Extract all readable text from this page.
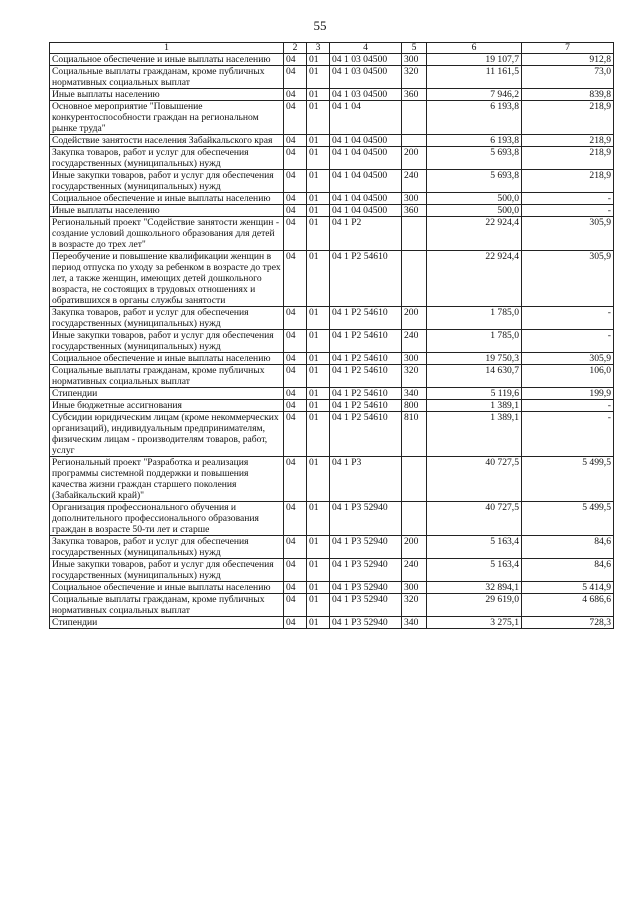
55
1	2	3	4	5	6	7
Социальное обеспечение и иные выплаты населению	04	01	04 1 03 04500	300	19 107,7	912,8
Социальные выплаты гражданам, кроме публичных нормативных социальных выплат	04	01	04 1 03 04500	320	11 161,5	73,0
Иные выплаты населению	04	01	04 1 03 04500	360	7 946,2	839,8
Основное мероприятие "Повышение конкурентоспособности граждан на региональном рынке труда"	04	01	04 1 04		6 193,8	218,9
Содействие занятости населения Забайкальского края	04	01	04 1 04 04500		6 193,8	218,9
Закупка товаров, работ и услуг для обеспечения государственных (муниципальных) нужд	04	01	04 1 04 04500	200	5 693,8	218,9
Иные закупки товаров, работ и услуг для обеспечения государственных (муниципальных) нужд	04	01	04 1 04 04500	240	5 693,8	218,9
Социальное обеспечение и иные выплаты населению	04	01	04 1 04 04500	300	500,0	-
Иные выплаты населению	04	01	04 1 04 04500	360	500,0	-
Региональный проект "Содействие занятости женщин - создание условий дошкольного образования для детей в возрасте до трех лет"	04	01	04 1 P2		22 924,4	305,9
Переобучение и повышение квалификации женщин в период отпуска по уходу за ребенком в возрасте до трех лет, а также женщин, имеющих детей дошкольного возраста, не состоящих в трудовых отношениях и обратившихся в органы службы занятости	04	01	04 1 P2 54610		22 924,4	305,9
Закупка товаров, работ и услуг для обеспечения государственных (муниципальных) нужд	04	01	04 1 P2 54610	200	1 785,0	-
Иные закупки товаров, работ и услуг для обеспечения государственных (муниципальных) нужд	04	01	04 1 P2 54610	240	1 785,0	-
Социальное обеспечение и иные выплаты населению	04	01	04 1 P2 54610	300	19 750,3	305,9
Социальные выплаты гражданам, кроме публичных нормативных социальных выплат	04	01	04 1 P2 54610	320	14 630,7	106,0
Стипендии	04	01	04 1 P2 54610	340	5 119,6	199,9
Иные бюджетные ассигнования	04	01	04 1 P2 54610	800	1 389,1	-
Субсидии юридическим лицам (кроме некоммерческих организаций), индивидуальным предпринимателям, физическим лицам - производителям товаров, работ, услуг	04	01	04 1 P2 54610	810	1 389,1	-
Региональный проект "Разработка и реализация программы системной поддержки и повышения качества жизни граждан старшего поколения (Забайкальский край)"	04	01	04 1 P3		40 727,5	5 499,5
Организация профессионального обучения и дополнительного профессионального образования граждан в возрасте 50-ти лет и старше	04	01	04 1 P3 52940		40 727,5	5 499,5
Закупка товаров, работ и услуг для обеспечения государственных (муниципальных) нужд	04	01	04 1 P3 52940	200	5 163,4	84,6
Иные закупки товаров, работ и услуг для обеспечения государственных (муниципальных) нужд	04	01	04 1 P3 52940	240	5 163,4	84,6
Социальное обеспечение и иные выплаты населению	04	01	04 1 P3 52940	300	32 894,1	5 414,9
Социальные выплаты гражданам, кроме публичных нормативных социальных выплат	04	01	04 1 P3 52940	320	29 619,0	4 686,6
Стипендии	04	01	04 1 P3 52940	340	3 275,1	728,3
